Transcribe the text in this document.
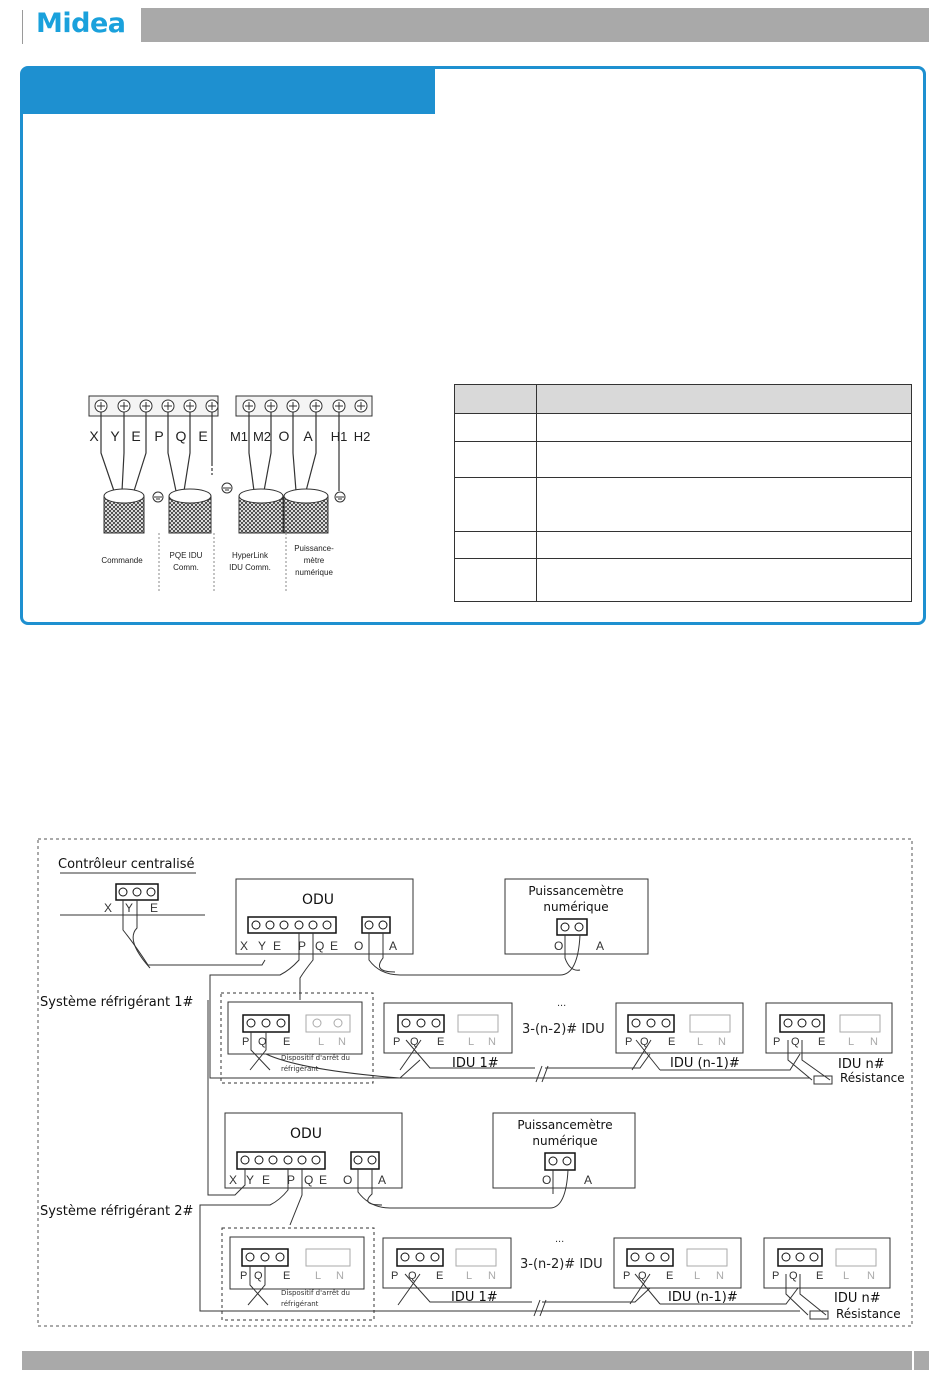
Midea
X Y E P Q E M1 M2 O A H1 H2
Commande
PQE IDU
Comm.
HyperLink
IDU Comm.
Puissance-
mètre
numérique

Contrôleur centralisé
X Y E	ODU
X Y E P Q E O A
Puissancemètre
numérique
O	A
Système réfrigérant 1#
P Q E	L N
Dispositif d'arrêt du
réfrigérant
P Q E L N
IDU 1#
...
3-(n-2)# IDU
P Q E L N
IDU (n-1)#
P Q E L N
IDU n#
Résistance
ODU
X Y E P Q E O A
Puissancemètre
numérique
O	A
Système réfrigérant 2#
P Q E L N
Dispositif d'arrêt du
réfrigérant
P Q E L N
IDU 1#
...
3-(n-2)# IDU
P Q E L N
IDU (n-1)#
P Q E L N
IDU n#
Résistance
